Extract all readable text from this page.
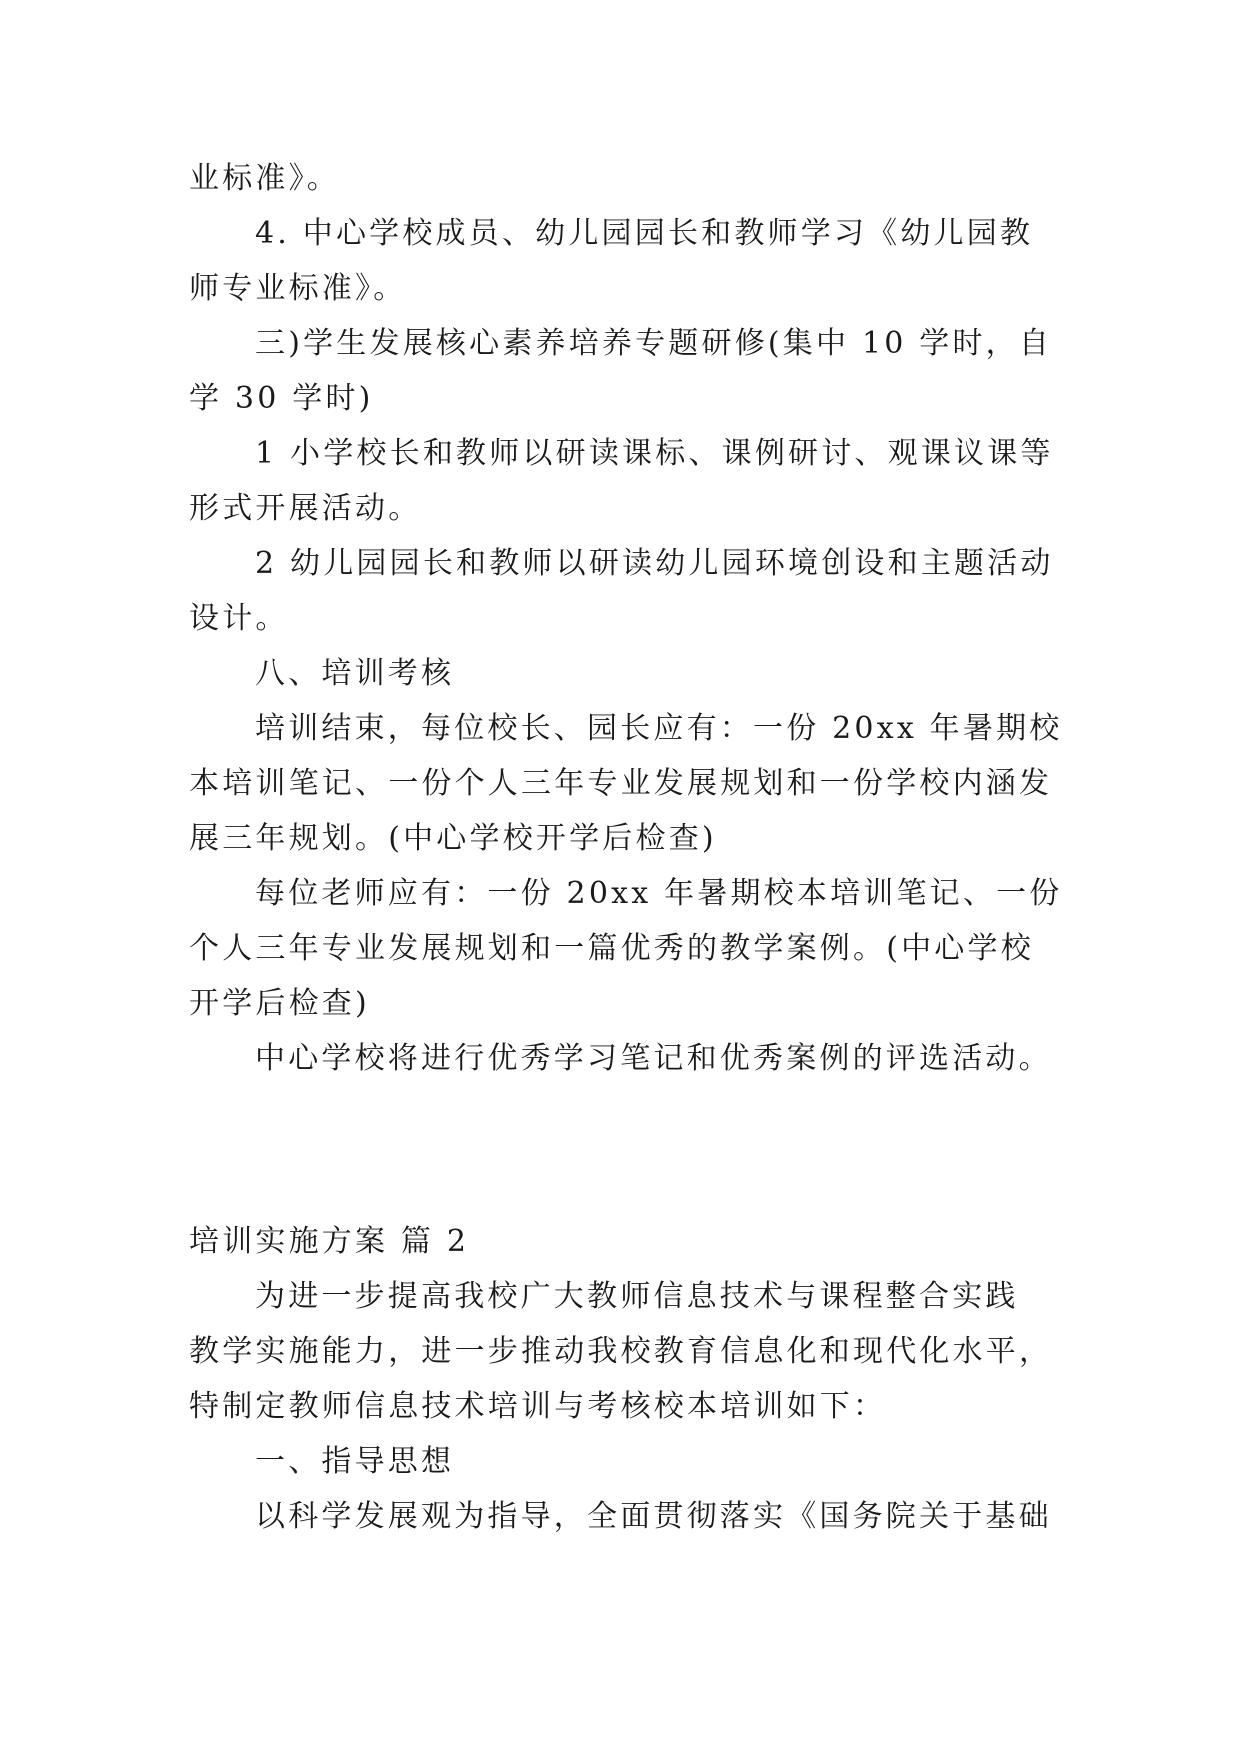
业标准》。
4. 中心学校成员、幼儿园园长和教师学习《幼儿园教
师专业标准》。
三)学生发展核心素养培养专题研修(集中 10 学时，自
学 30 学时)
1 小学校长和教师以研读课标、课例研讨、观课议课等
形式开展活动。
2 幼儿园园长和教师以研读幼儿园环境创设和主题活动
设计。
八、培训考核
培训结束，每位校长、园长应有：一份 20xx 年暑期校
本培训笔记、一份个人三年专业发展规划和一份学校内涵发
展三年规划。(中心学校开学后检查)
每位老师应有：一份 20xx 年暑期校本培训笔记、一份
个人三年专业发展规划和一篇优秀的教学案例。(中心学校
开学后检查)
中心学校将进行优秀学习笔记和优秀案例的评选活动。
培训实施方案 篇 2
为进一步提高我校广大教师信息技术与课程整合实践
教学实施能力，进一步推动我校教育信息化和现代化水平，
特制定教师信息技术培训与考核校本培训如下：
一、指导思想
以科学发展观为指导，全面贯彻落实《国务院关于基础
